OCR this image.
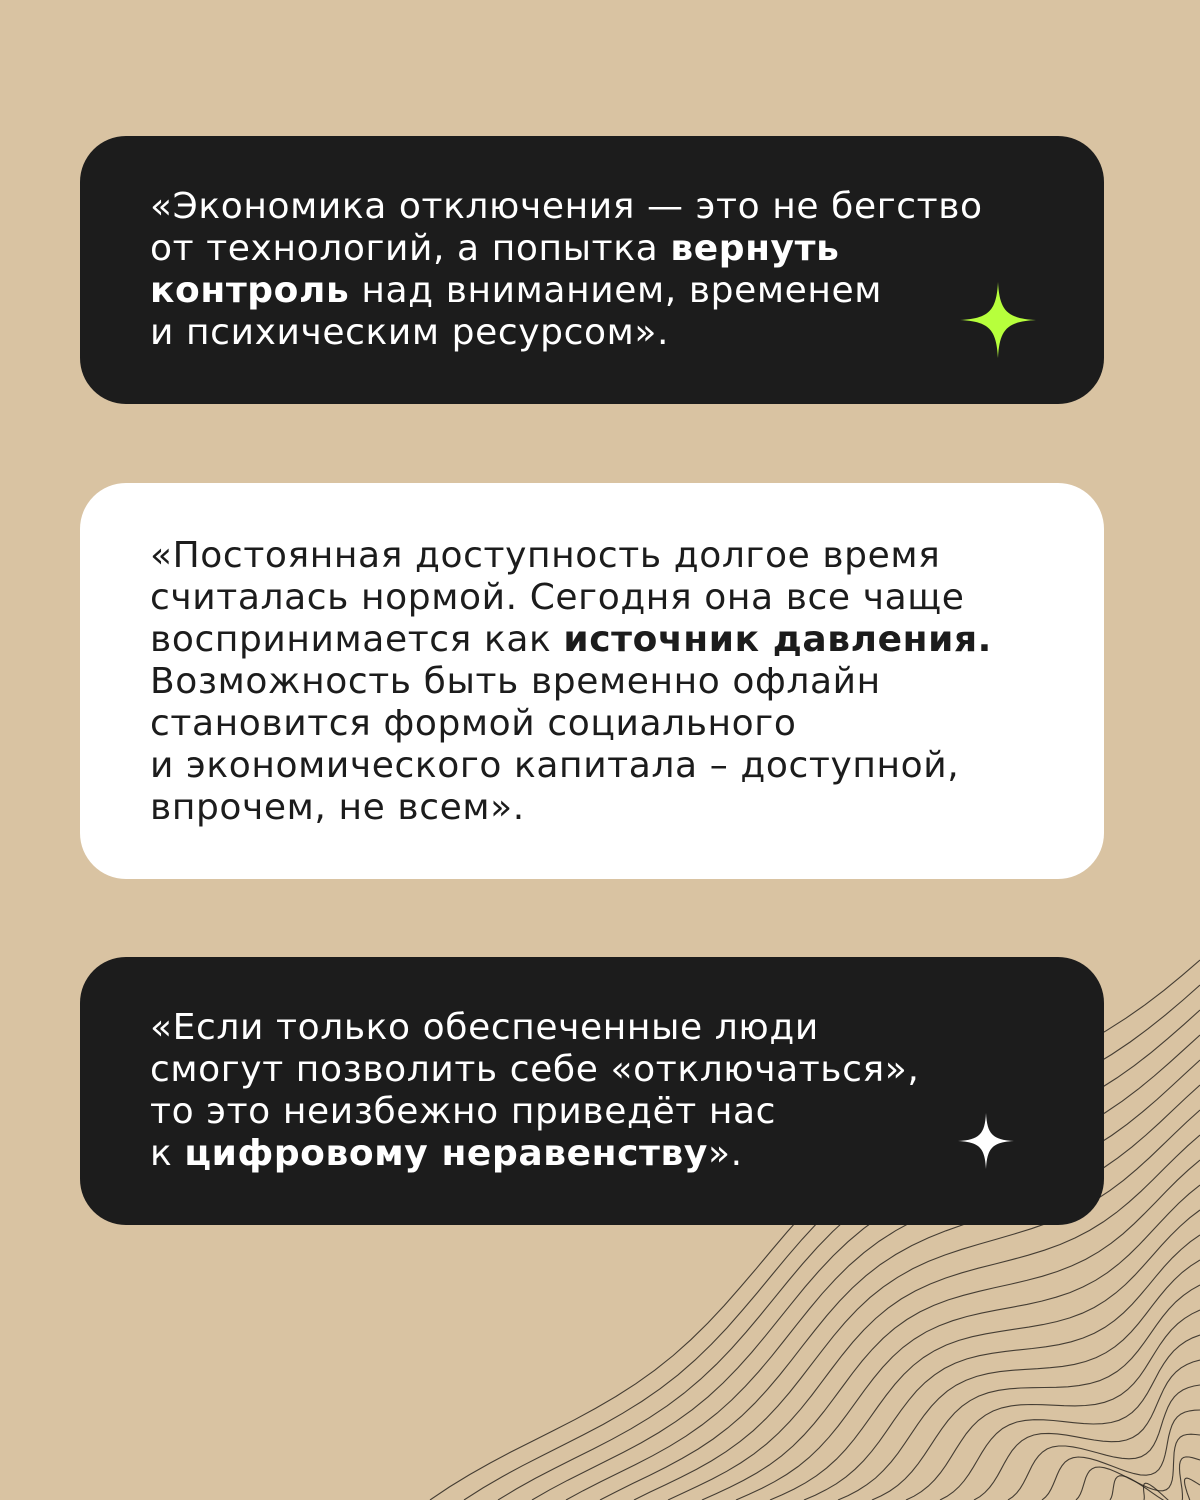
«Экономика отключения — это не бегство
от технологий, а попытка вернуть
контроль над вниманием, временем
и психическим ресурсом».

«Постоянная доступность долгое время
считалась нормой. Сегодня она все чаще
воспринимается как источник давления.
Возможность быть временно офлайн
становится формой социального
и экономического капитала – доступной,
впрочем, не всем».

«Если только обеспеченные люди
смогут позволить себе «отключаться»,
то это неизбежно приведёт нас
к цифровому неравенству».
